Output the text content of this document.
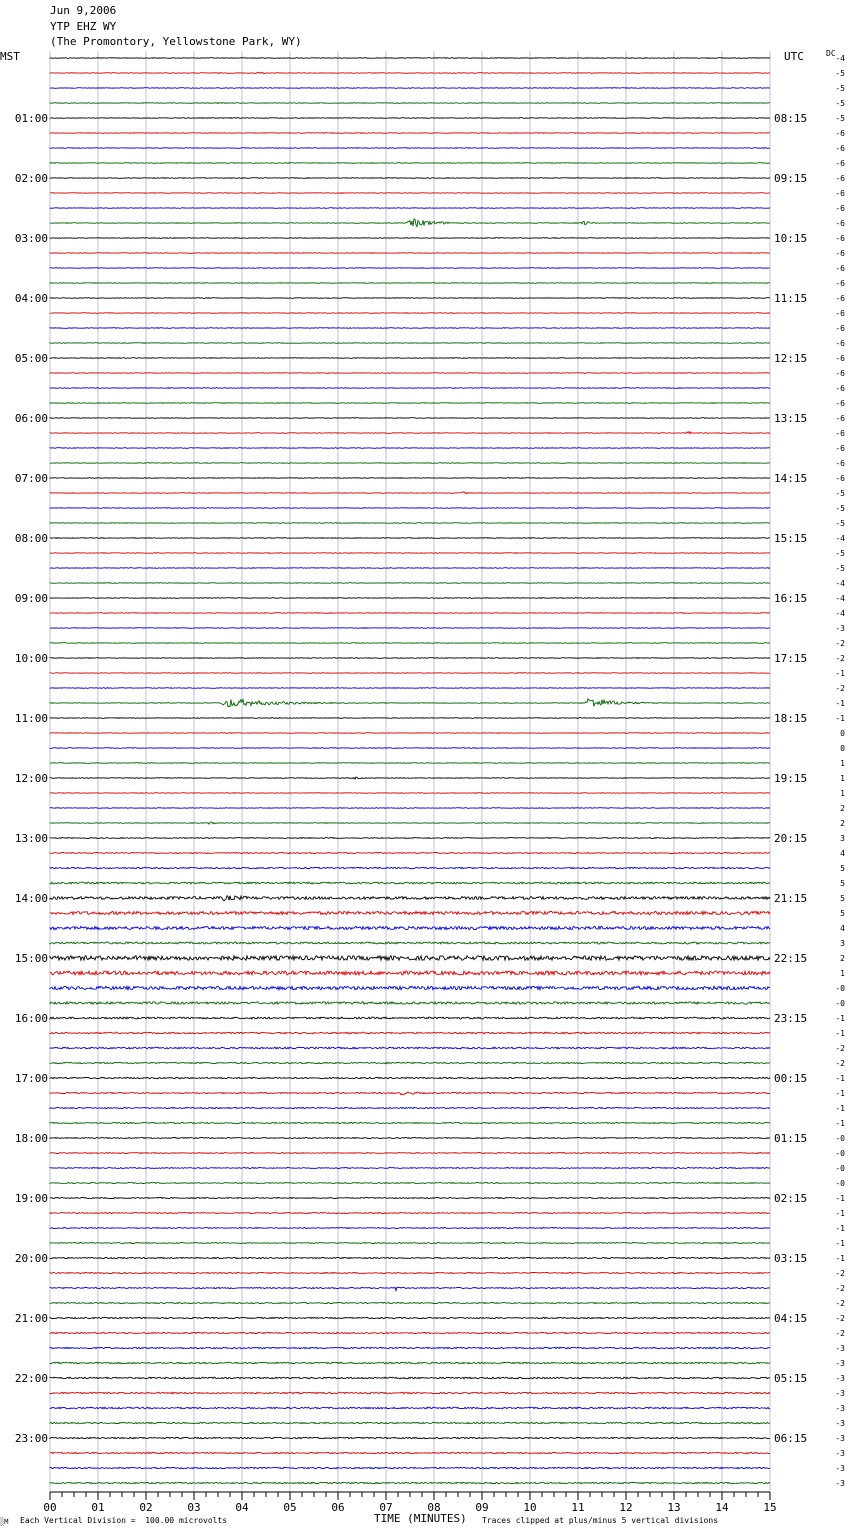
Jun 9,2006
YTP EHZ WY
(The Promontory, Yellowstone Park, WY)
MST	UTC	DC
01:00
02:00
03:00
04:00
05:00
06:00
07:00
08:00
09:00
10:00
11:00
12:00
13:00
14:00
15:00
16:00
17:00
18:00
19:00
20:00
21:00
22:00
23:00
08:15
09:15
10:15
11:15
12:15
13:15
14:15
15:15
16:15
17:15
18:15
19:15
20:15
21:15
22:15
23:15
00:15
01:15
02:15
03:15
04:15
05:15
06:15
-4
-5
-5
-5
-5
-6
-6
-6
-6
-6
-6
-6
-6
-6
-6
-6
-6
-6
-6
-6
-6
-6
-6
-6
-6
-6
-6
-6
-6
-5
-5
-5
-4
-5
-5
-4
-4
-4
-3
-2
-2
-1
-2
-1
-1
0
0
1
1
1
2
2
3
4
5
5
5
5
4
3
2
1
-0
-0
-1
-1
-2
-2
-1
-1
-1
-1
-0
-0
-0
-0
-1
-1
-1
-1
-1
-2
-2
-2
-2
-2
-3
-3
-3
-3
-3
-3
-3
-3
-3
-3
00	01	02	03	04	05	06	07	08	09	10	11	12	13	14	15
░M Each Vertical Division =  100.00 microvolts	TIME (MINUTES) Traces clipped at plus/minus 5 vertical divisions
